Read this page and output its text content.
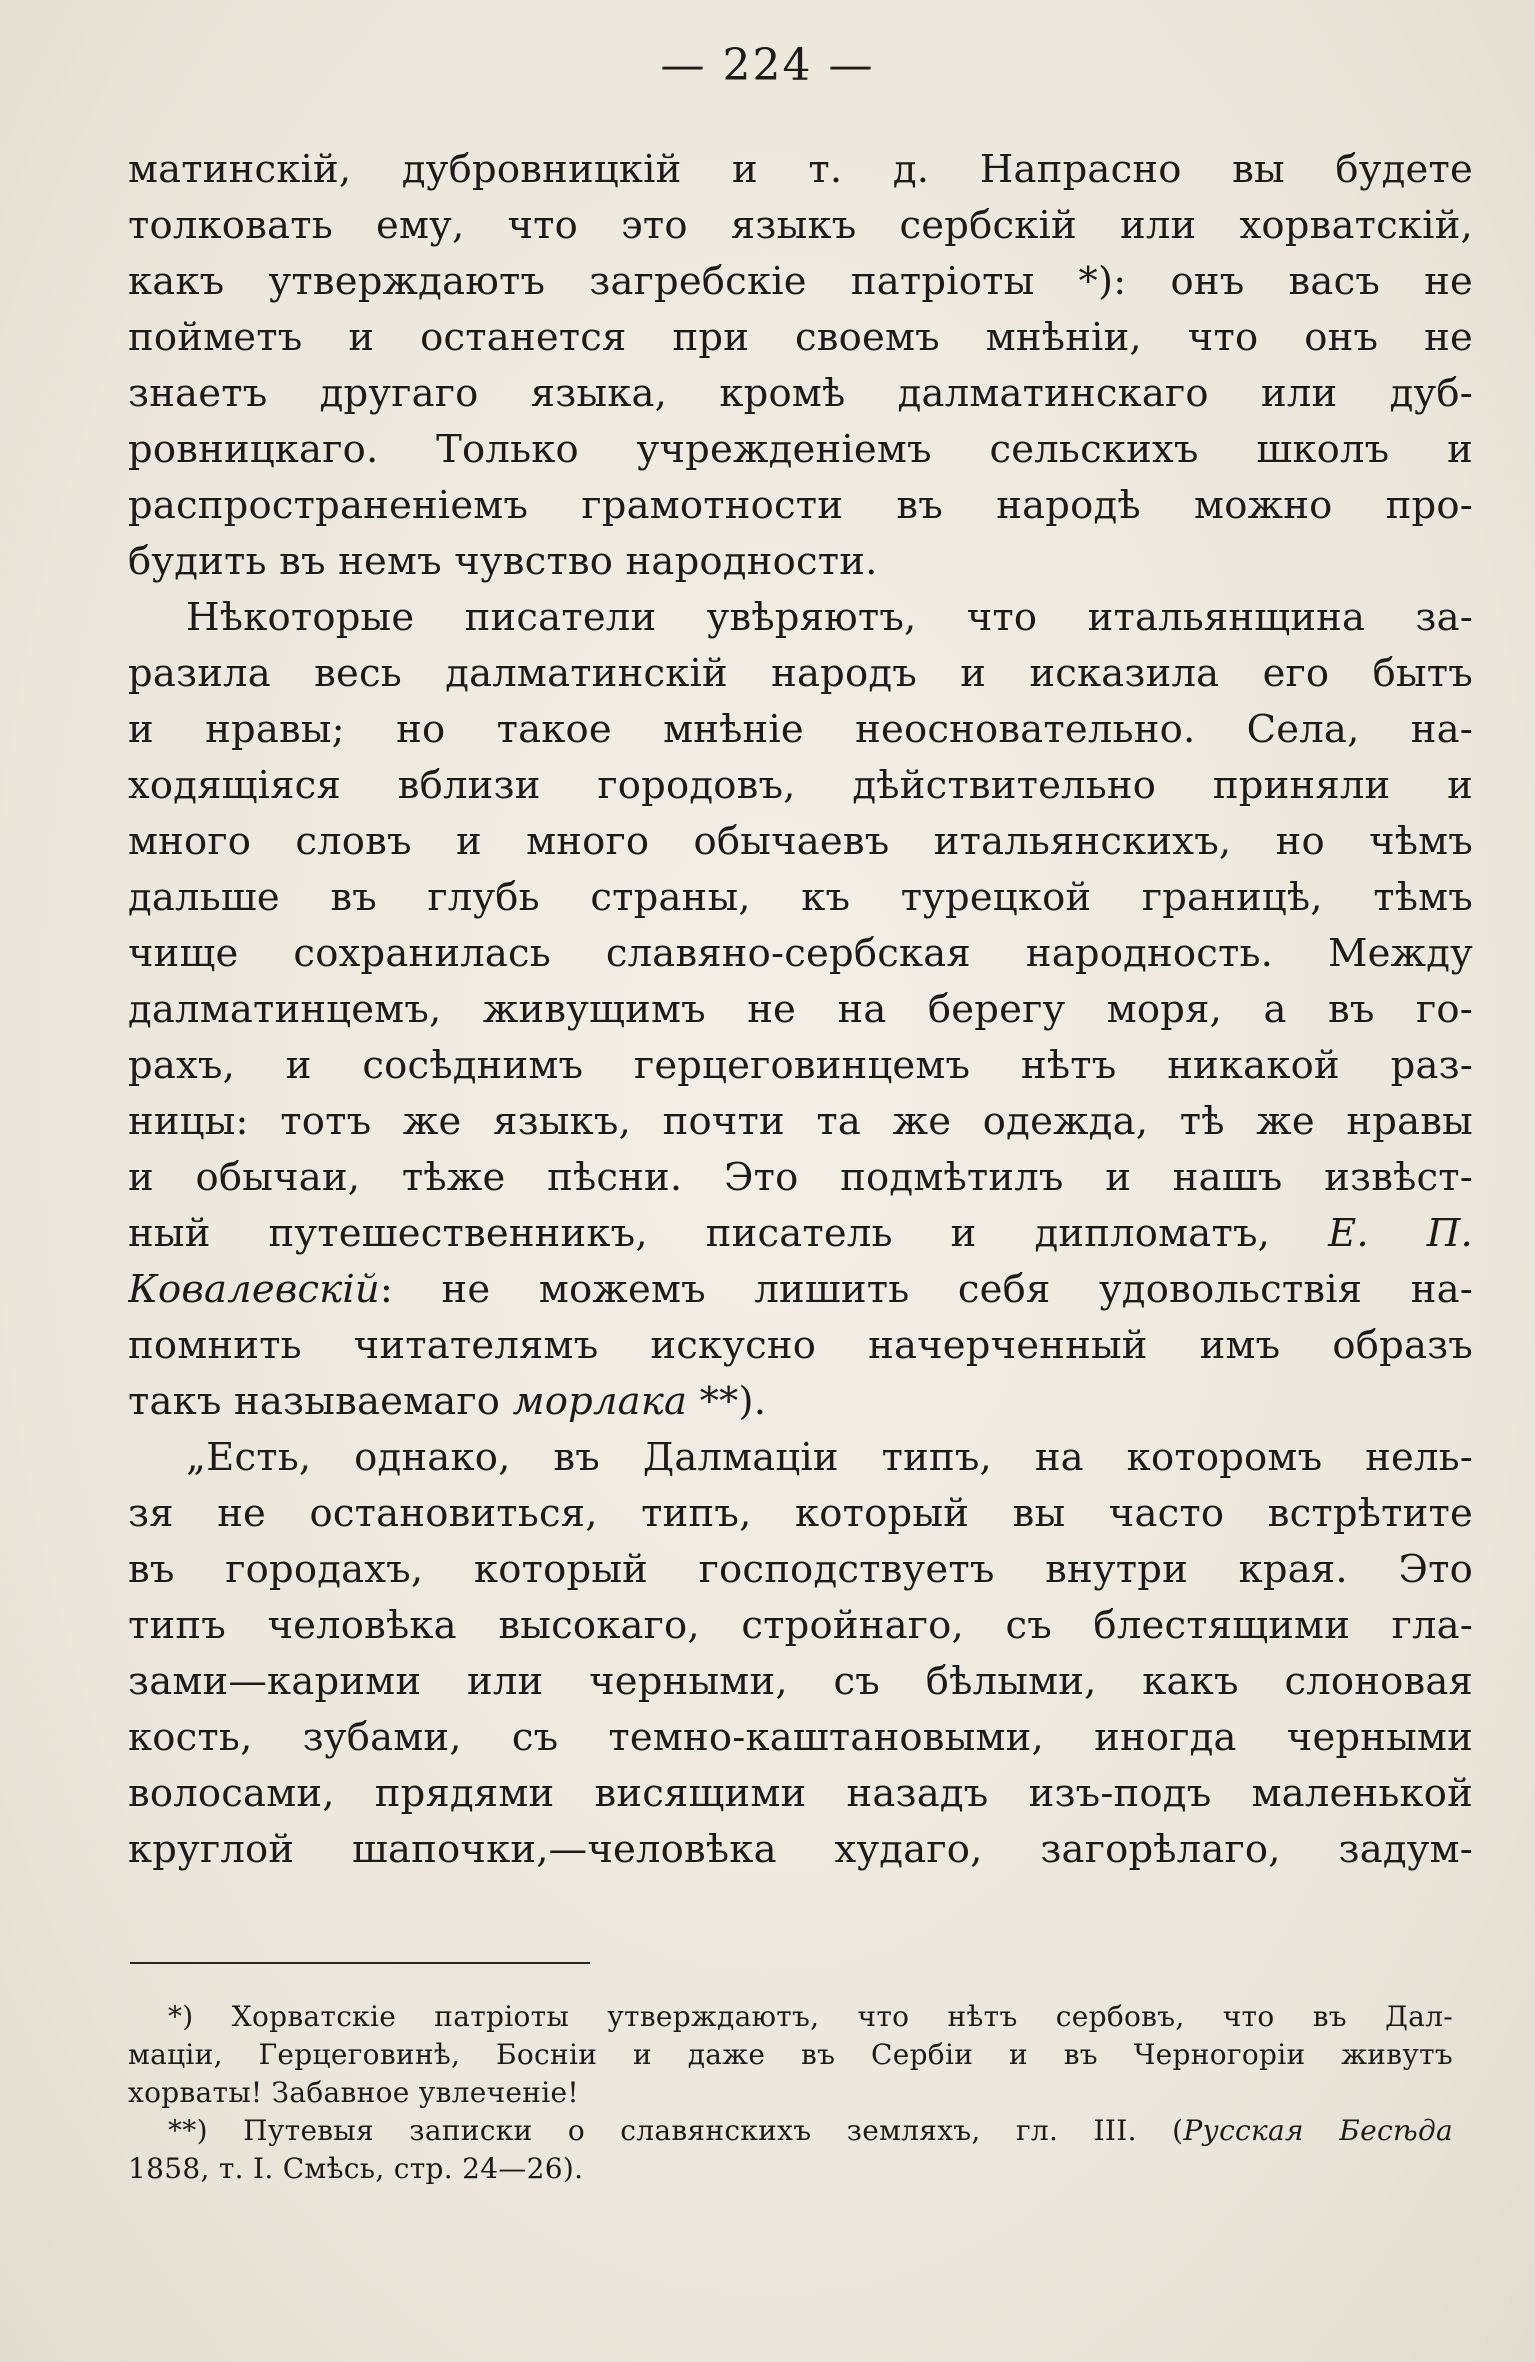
— 224 —
матинскій, дубровницкій и т. д. Напрасно вы будете
толковать ему, что это языкъ сербскій или хорватскій,
какъ утверждаютъ загребскіе патріоты *): онъ васъ не
пойметъ и останется при своемъ мнѣніи, что онъ не
знаетъ другаго языка, кромѣ далматинскаго или дуб-
ровницкаго. Только учрежденіемъ сельскихъ школъ и
распространеніемъ грамотности въ народѣ можно про-
будить въ немъ чувство народности.
Нѣкоторые писатели увѣряютъ, что итальянщина за-
разила весь далматинскій народъ и исказила его бытъ
и нравы; но такое мнѣніе неосновательно. Села, на-
ходящіяся вблизи городовъ, дѣйствительно приняли и
много словъ и много обычаевъ итальянскихъ, но чѣмъ
дальше въ глубь страны, къ турецкой границѣ, тѣмъ
чище сохранилась славяно-сербская народность. Между
далматинцемъ, живущимъ не на берегу моря, а въ го-
рахъ, и сосѣднимъ герцеговинцемъ нѣтъ никакой раз-
ницы: тотъ же языкъ, почти та же одежда, тѣ же нравы
и обычаи, тѣже пѣсни. Это подмѣтилъ и нашъ извѣст-
ный путешественникъ, писатель и дипломатъ, Е. П.
Ковалевскій: не можемъ лишить себя удовольствія на-
помнить читателямъ искусно начерченный имъ образъ
такъ называемаго морлака **).
„Есть, однако, въ Далмаціи типъ, на которомъ нель-
зя не остановиться, типъ, который вы часто встрѣтите
въ городахъ, который господствуетъ внутри края. Это
типъ человѣка высокаго, стройнаго, съ блестящими гла-
зами—карими или черными, съ бѣлыми, какъ слоновая
кость, зубами, съ темно-каштановыми, иногда черными
волосами, прядями висящими назадъ изъ-подъ маленькой
круглой шапочки,—человѣка худаго, загорѣлаго, задум-
*) Хорватскіе патріоты утверждаютъ, что нѣтъ сербовъ, что въ Дал-
маціи, Герцеговинѣ, Босніи и даже въ Сербіи и въ Черногоріи живутъ
хорваты! Забавное увлеченіе!
**) Путевыя записки о славянскихъ земляхъ, гл. III. (Русская Бесѣда
1858, т. I. Смѣсь, стр. 24—26).
